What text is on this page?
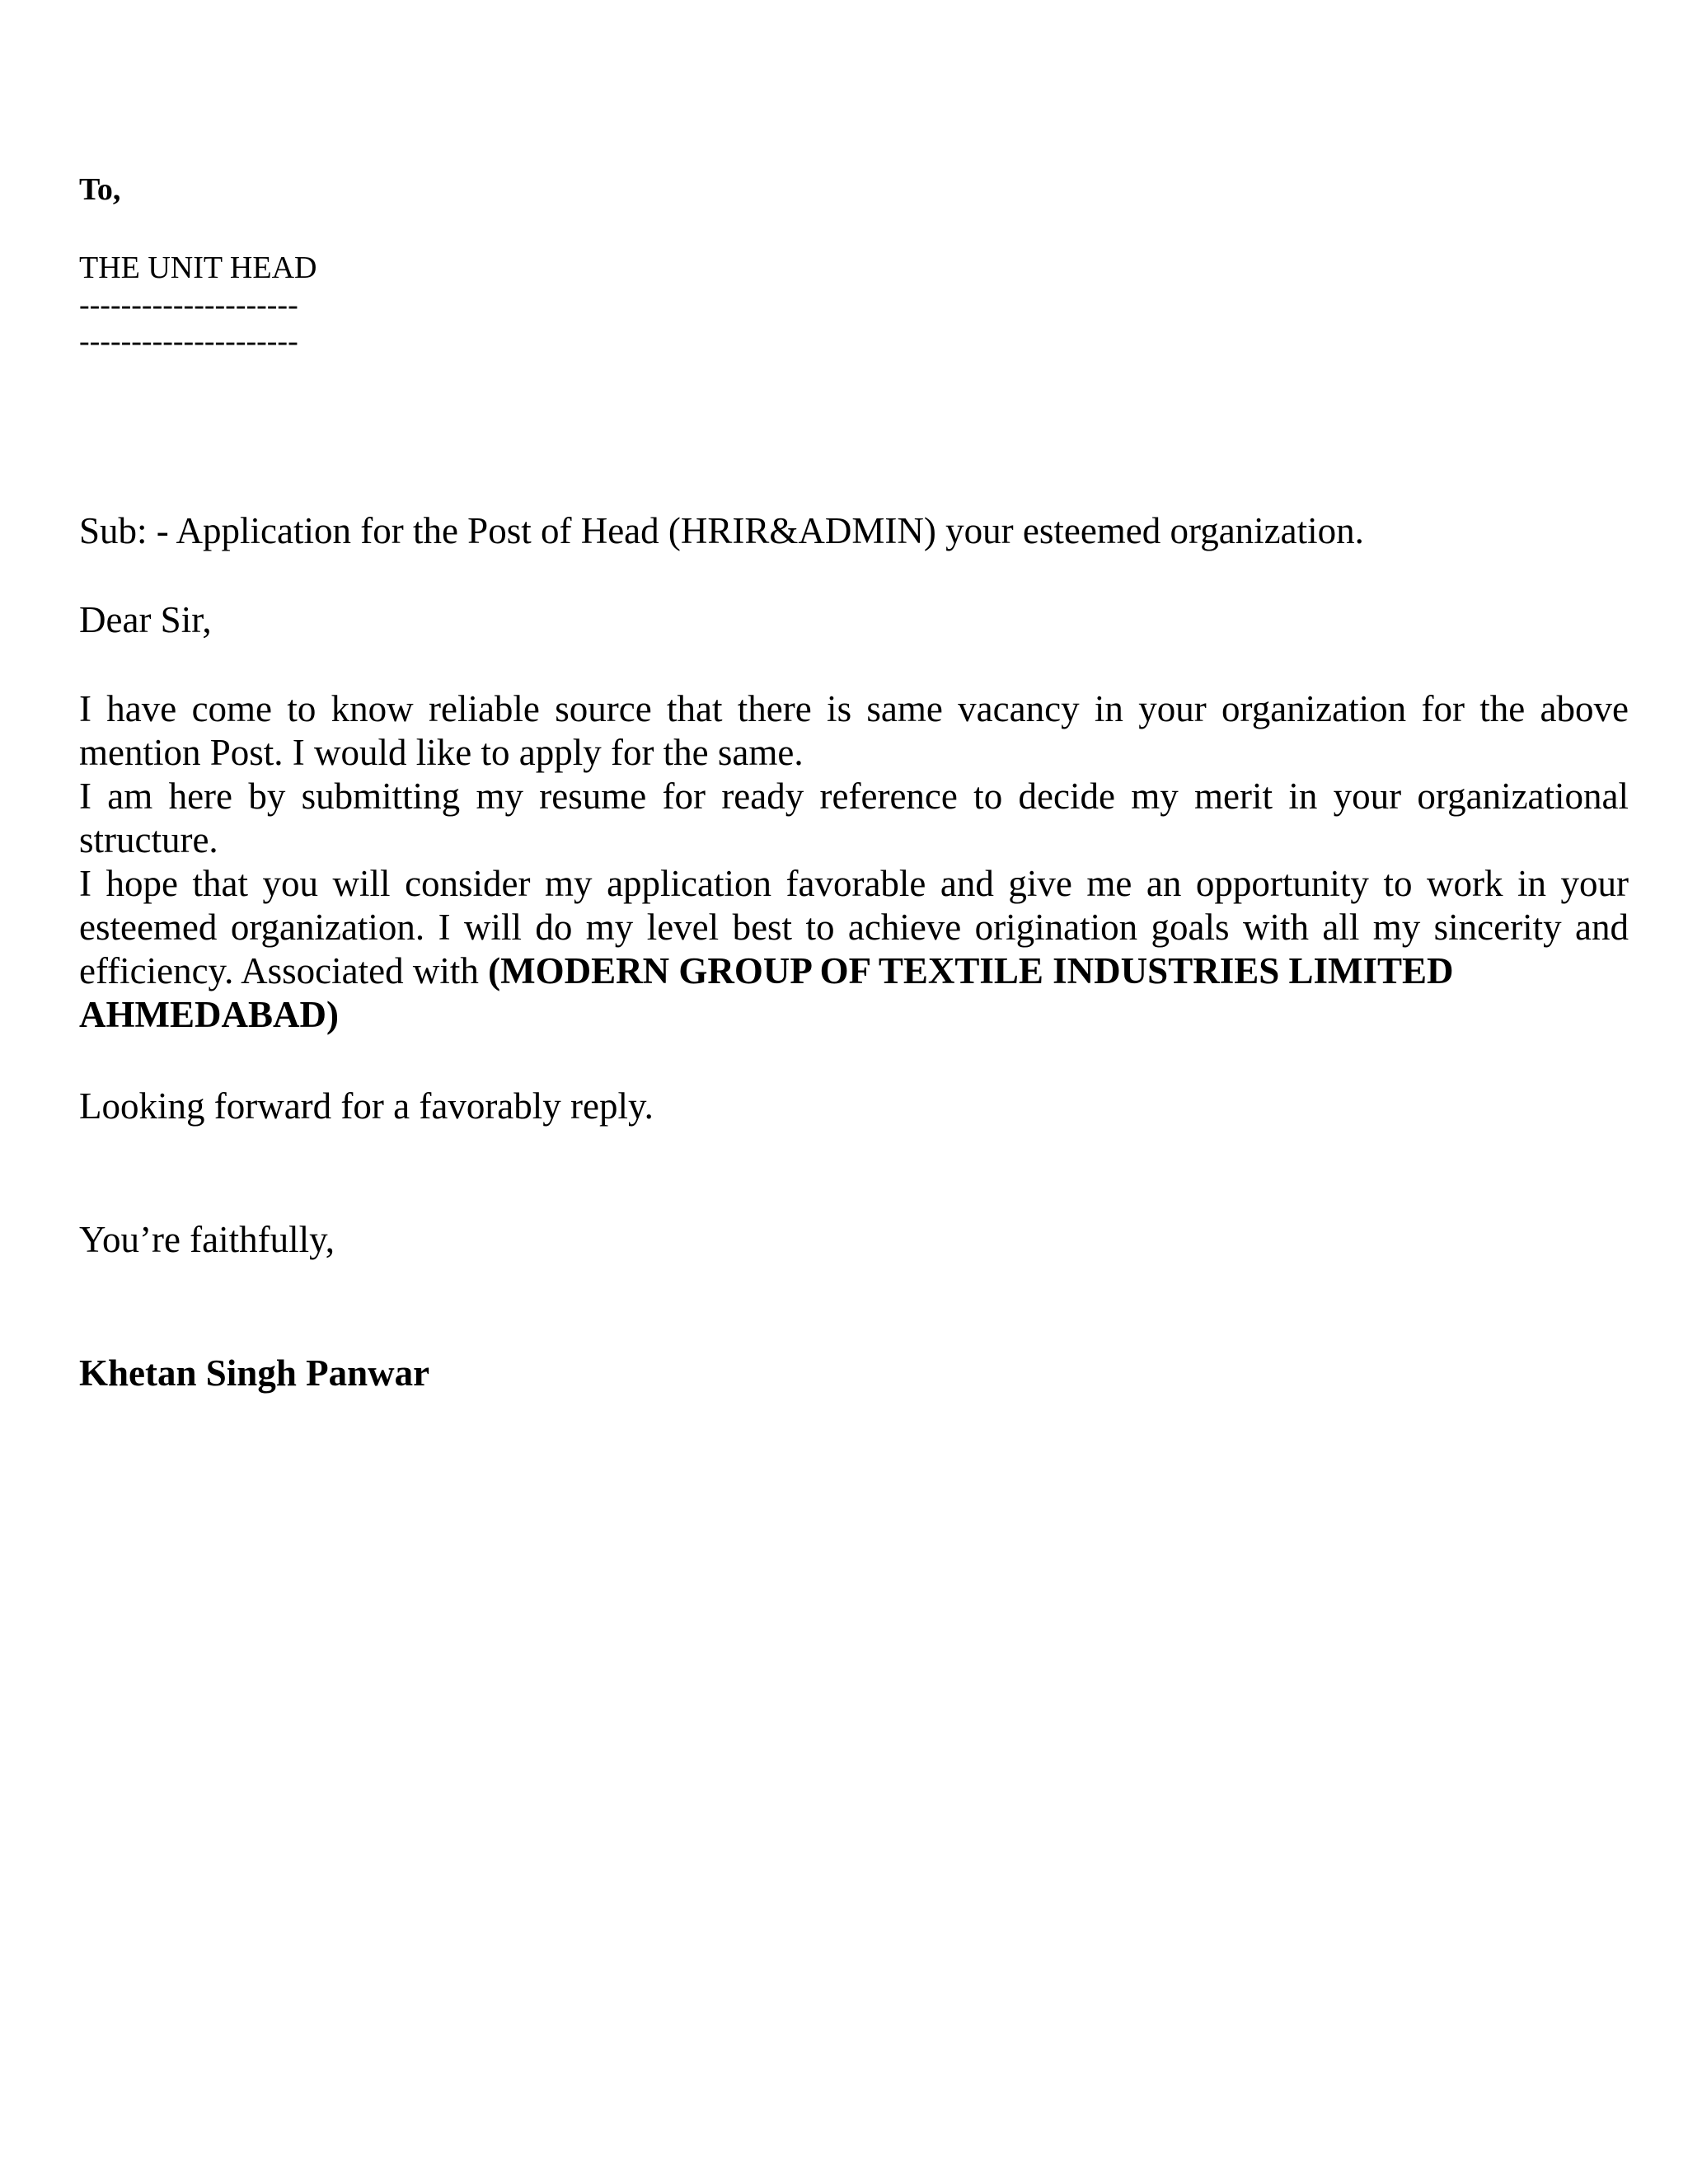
To,
THE UNIT HEAD
---------------------
---------------------
Sub: - Application for the Post of Head (HRIR&ADMIN) your esteemed organization.
Dear Sir,

I have come to know reliable source that there is same vacancy in your organization for the above
mention Post. I would like to apply for the same.
I am here by submitting my resume for ready reference to decide my merit in your organizational
structure.
I hope that you will consider my application favorable and give me an opportunity to work in your
esteemed organization. I will do my level best to achieve origination goals with all my sincerity and
efficiency. Associated with (MODERN GROUP OF TEXTILE INDUSTRIES LIMITED
AHMEDABAD)

Looking forward for a favorably reply.
You’re faithfully,
Khetan Singh Panwar
